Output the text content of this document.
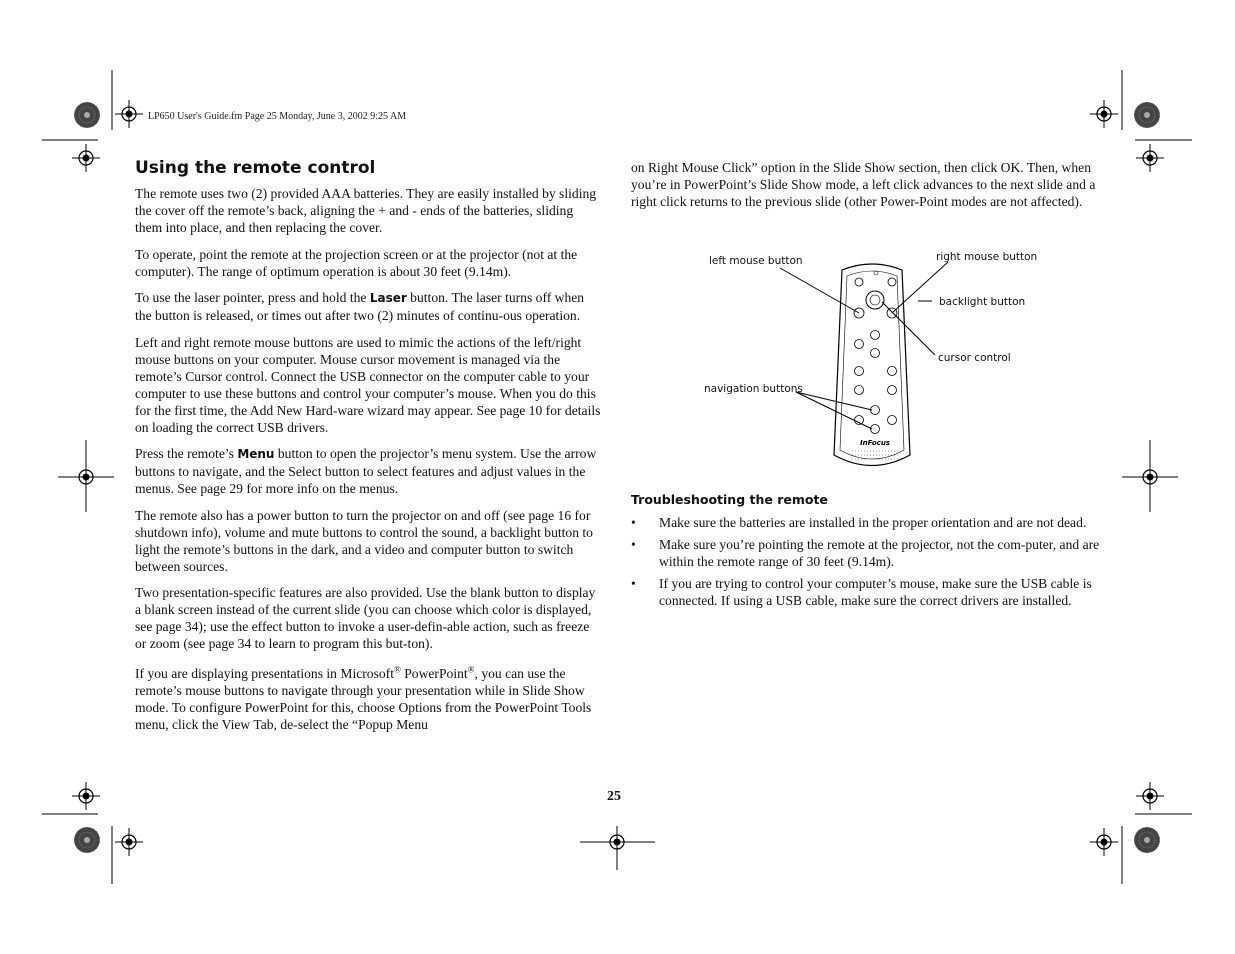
LP650 User's Guide.fm Page 25 Monday, June 3, 2002 9:25 AM
Using the remote control

The remote uses two (2) provided AAA batteries. They are easily installed by sliding the cover off the remote’s back, aligning the + and - ends of the batteries, sliding them into place, and then replacing the cover.

To operate, point the remote at the projection screen or at the projector (not at the computer). The range of optimum operation is about 30 feet (9.14m).

To use the laser pointer, press and hold the Laser button. The laser turns off when the button is released, or times out after two (2) minutes of continu-ous operation.

Left and right remote mouse buttons are used to mimic the actions of the left/right mouse buttons on your computer. Mouse cursor movement is managed via the remote’s Cursor control. Connect the USB connector on the computer cable to your computer to use these buttons and control your computer’s mouse. When you do this for the first time, the Add New Hard-ware wizard may appear. See page 10 for details on loading the correct USB drivers.

Press the remote’s Menu button to open the projector’s menu system. Use the arrow buttons to navigate, and the Select button to select features and adjust values in the menus. See page 29 for more info on the menus.

The remote also has a power button to turn the projector on and off (see page 16 for shutdown info), volume and mute buttons to control the sound, a backlight button to light the remote’s buttons in the dark, and a video and computer button to switch between sources.

Two presentation-specific features are also provided. Use the blank button to display a blank screen instead of the current slide (you can choose which color is displayed, see page 34); use the effect button to invoke a user-defin-able action, such as freeze or zoom (see page 34 to learn to program this but-ton).

If you are displaying presentations in Microsoft® PowerPoint®, you can use the remote’s mouse buttons to navigate through your presentation while in Slide Show mode. To configure PowerPoint for this, choose Options from the PowerPoint Tools menu, click the View Tab, de-select the “Popup Menu

on Right Mouse Click” option in the Slide Show section, then click OK. Then, when you’re in PowerPoint’s Slide Show mode, a left click advances to the next slide and a right click returns to the previous slide (other Power-Point modes are not affected).
InFocus
left mouse button	right mouse button
backlight button
cursor control
navigation buttons
Troubleshooting the remote
• Make sure the batteries are installed in the proper orientation and are not dead.
• Make sure you’re pointing the remote at the projector, not the com-puter, and are within the remote range of 30 feet (9.14m).
• If you are trying to control your computer’s mouse, make sure the USB cable is connected. If using a USB cable, make sure the correct drivers are installed.
25
